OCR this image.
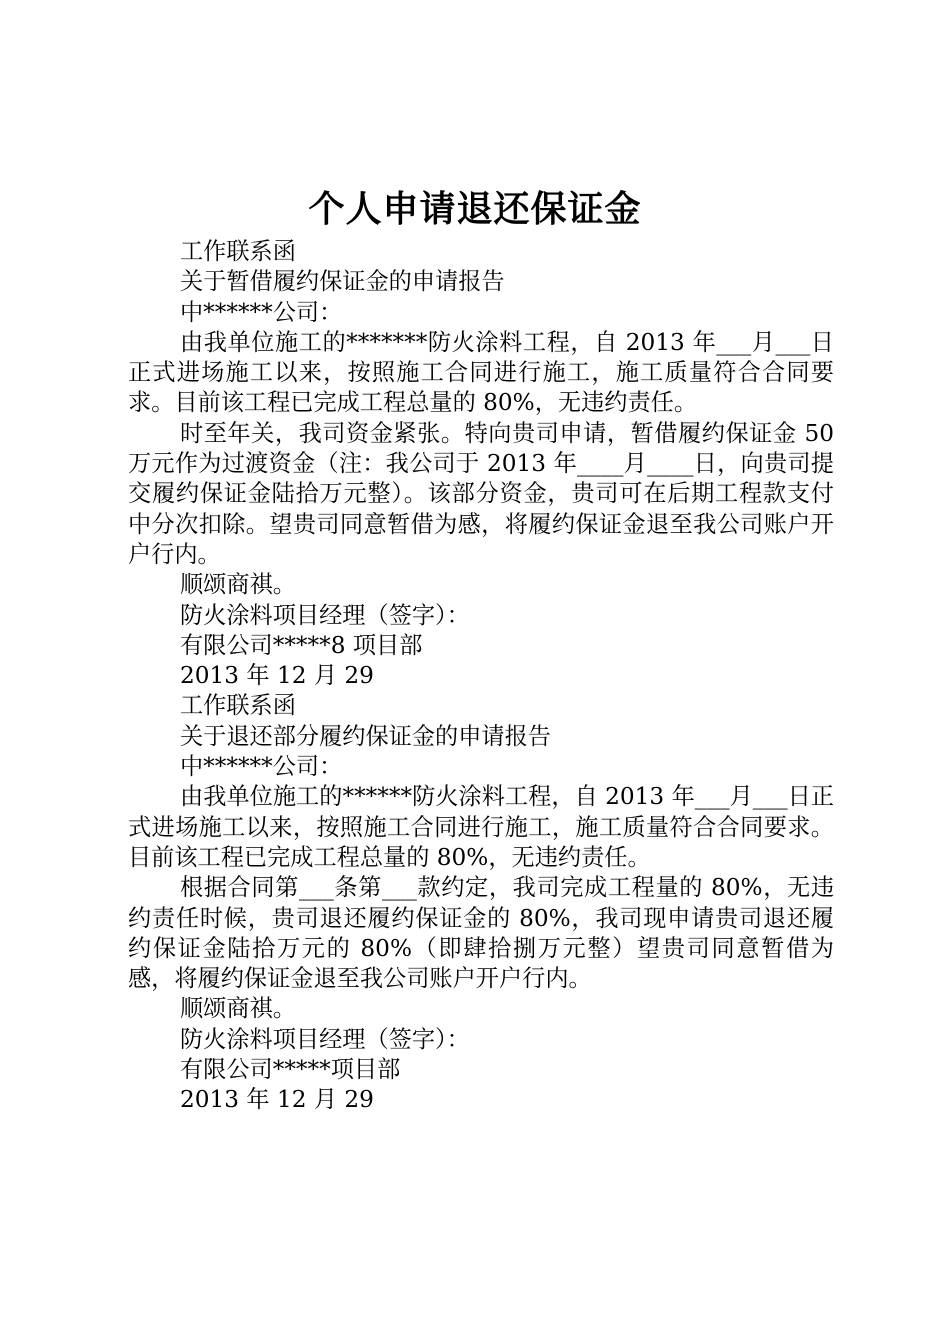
个人申请退还保证金

工作联系函

关于暂借履约保证金的申请报告

中******公司：

由我单位施工的*******防火涂料工程，自 2013 年___月___日正式进场施工以来，按照施工合同进行施工，施工质量符合合同要求。目前该工程已完成工程总量的 80%，无违约责任。

时至年关，我司资金紧张。特向贵司申请，暂借履约保证金 50 万元作为过渡资金（注：我公司于 2013 年____月____日，向贵司提交履约保证金陆拾万元整）。该部分资金，贵司可在后期工程款支付中分次扣除。望贵司同意暂借为感，将履约保证金退至我公司账户开户行内。

顺颂商祺。

防火涂料项目经理（签字）：

有限公司*****8 项目部

2013 年 12 月 29

工作联系函

关于退还部分履约保证金的申请报告

中******公司：

由我单位施工的******防火涂料工程，自 2013 年___月___日正式进场施工以来，按照施工合同进行施工，施工质量符合合同要求。目前该工程已完成工程总量的 80%，无违约责任。

根据合同第___条第___款约定，我司完成工程量的 80%，无违约责任时候，贵司退还履约保证金的 80%，我司现申请贵司退还履约保证金陆拾万元的 80%（即肆拾捌万元整）望贵司同意暂借为感，将履约保证金退至我公司账户开户行内。

顺颂商祺。

防火涂料项目经理（签字）：

有限公司*****项目部

2013 年 12 月 29
